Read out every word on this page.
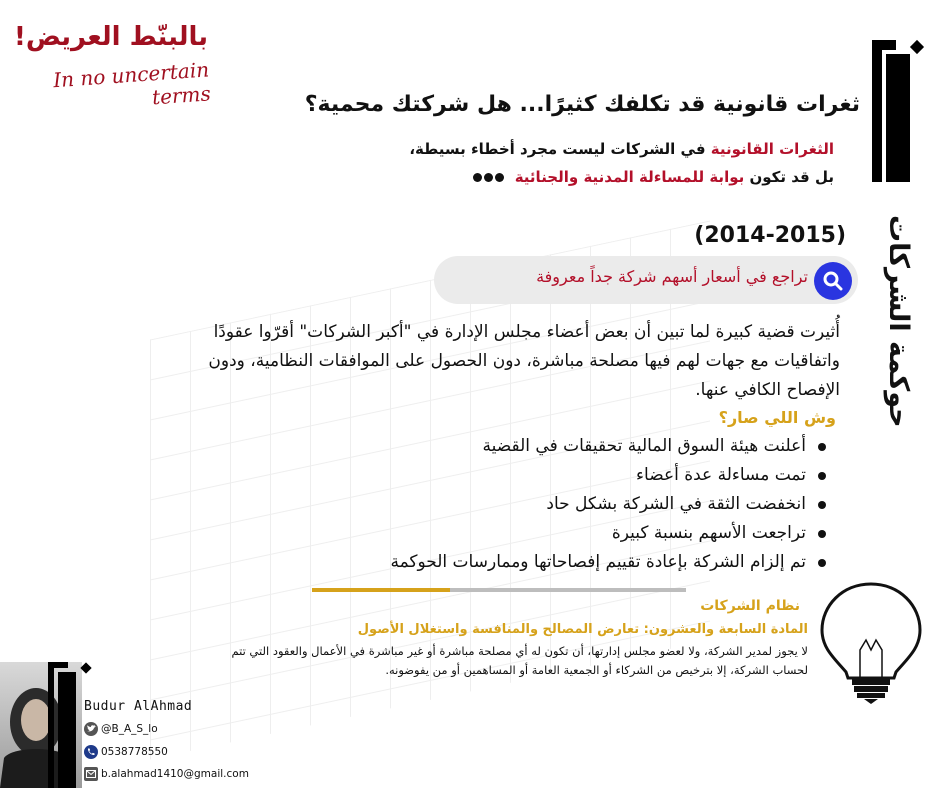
بالبنّط العريض!
In no uncertain terms
حوكمة الشركات
ثغرات قانونية قد تكلفك كثيرًا... هل شركتك محمية؟
الثغرات القانونية في الشركات ليست مجرد أخطاء بسيطة،
بل قد تكون بوابة للمساءلة المدنية والجنائية
(2014-2015)
تراجع في أسعار أسهم شركة جداً معروفة
أُثيرت قضية كبيرة لما تبين أن بعض أعضاء مجلس الإدارة في "أكبر الشركات" أقرّوا عقودًا واتفاقيات مع جهات لهم فيها مصلحة مباشرة، دون الحصول على الموافقات النظامية، ودون الإفصاح الكافي عنها.
وش اللي صار؟
أعلنت هيئة السوق المالية تحقيقات في القضية
تمت مساءلة عدة أعضاء
انخفضت الثقة في الشركة بشكل حاد
تراجعت الأسهم بنسبة كبيرة
تم إلزام الشركة بإعادة تقييم إفصاحاتها وممارسات الحوكمة
نظام الشركات
المادة السابعة والعشرون: تعارض المصالح والمنافسة واستغلال الأصول
لا يجوز لمدير الشركة، ولا لعضو مجلس إدارتها، أن تكون له أي مصلحة مباشرة أو غير مباشرة في الأعمال والعقود التي تتم لحساب الشركة، إلا بترخيص من الشركاء أو الجمعية العامة أو المساهمين أو من يفوضونه.
Budur AlAhmad
@B_A_S_lo
0538778550
b.alahmad1410@gmail.com
